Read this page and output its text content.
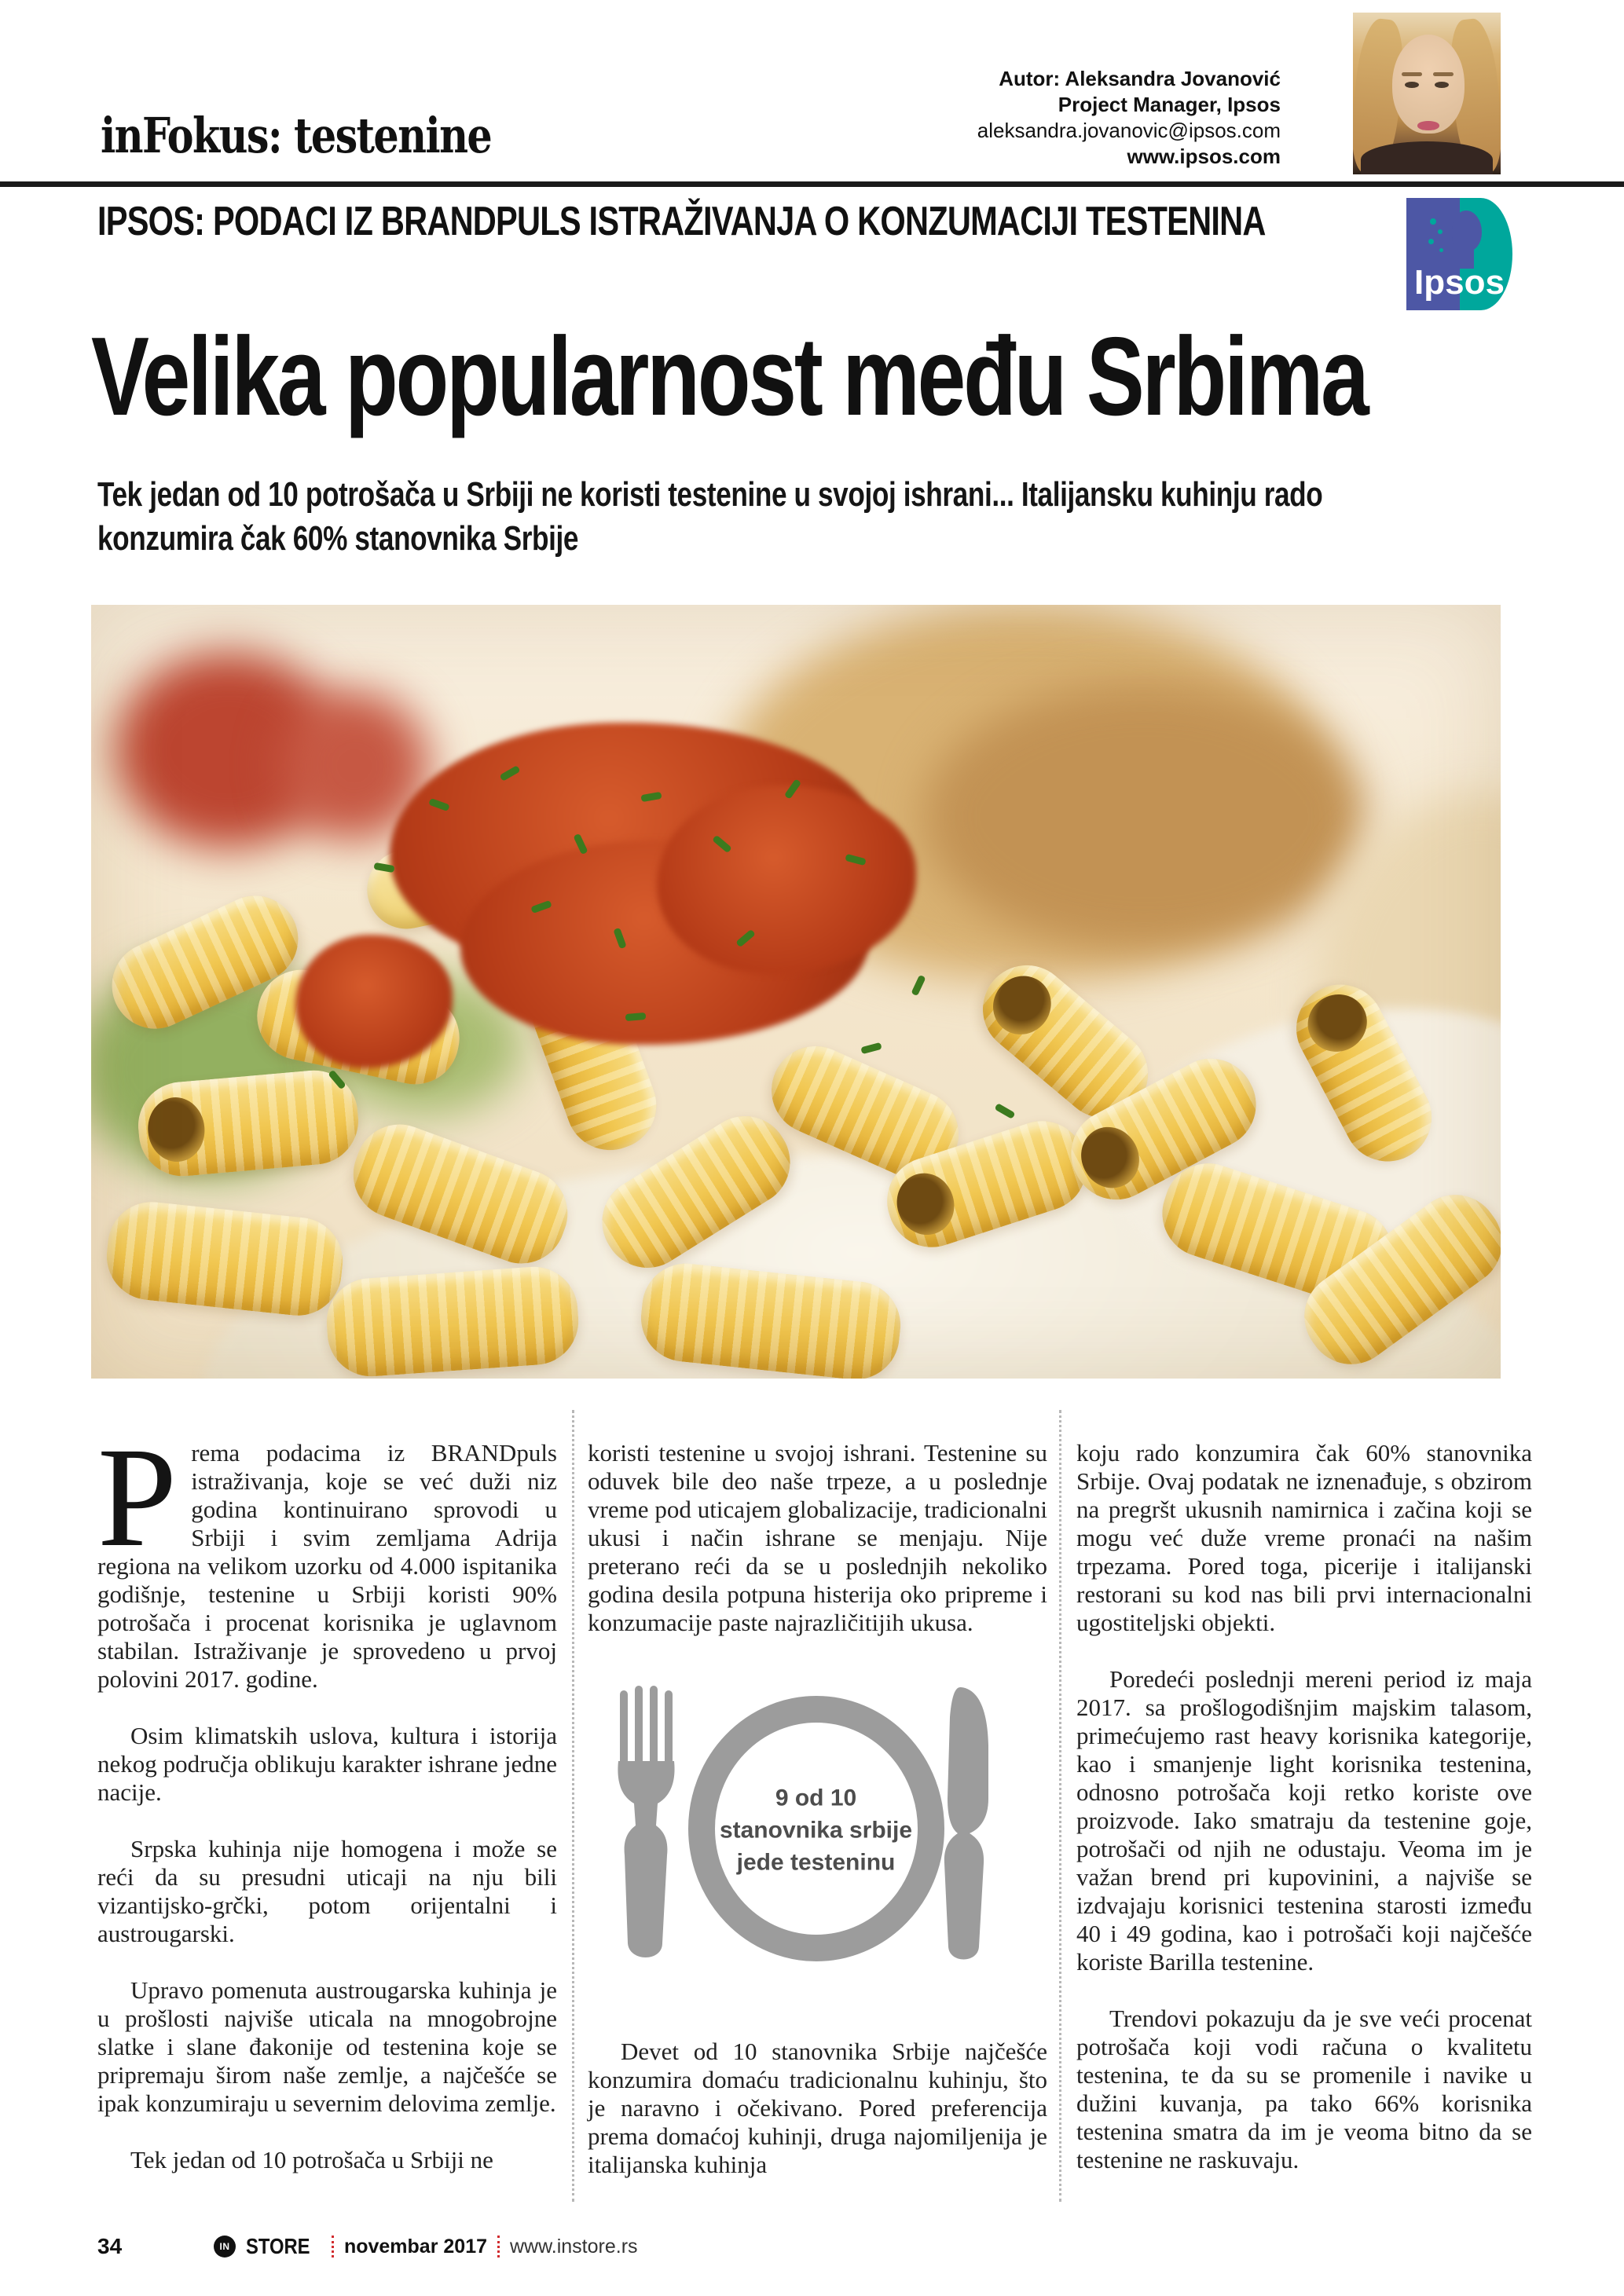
inFokus: testenine
Autor: Aleksandra Jovanović
Project Manager, Ipsos
aleksandra.jovanovic@ipsos.com
www.ipsos.com
IPSOS: PODACI IZ BRANDPULS ISTRAŽIVANJA O KONZUMACIJI TESTENINA
Ipsos
Velika popularnost među Srbima
Tek jedan od 10 potrošača u Srbiji ne koristi testenine u svojoj ishrani... Italijansku kuhinju rado
konzumira čak 60% stanovnika Srbije

Prema podacima iz BRANDpuls istraživanja, koje se već duži niz godina kontinuirano sprovodi u Srbiji i svim zemljama Adrija regiona na velikom uzorku od 4.000 ispitanika godišnje, testenine u Srbiji koristi 90% potrošača i procenat korisnika je uglavnom stabilan. Istraživanje je sprovedeno u prvoj polovini 2017. godine.

Osim klimatskih uslova, kultura i istorija nekog područja oblikuju karakter ishrane jedne nacije.

Srpska kuhinja nije homogena i može se reći da su presudni uticaji na nju bili vizantijsko-grčki, potom orijentalni i austrougarski.

Upravo pomenuta austrougarska kuhinja je u prošlosti najviše uticala na mnogobrojne slatke i slane đakonije od testenina koje se pripremaju širom naše zemlje, a najčešće se ipak konzumiraju u severnim delovima zemlje.

Tek jedan od 10 potrošača u Srbiji ne

koristi testenine u svojoj ishrani. Testenine su oduvek bile deo naše trpeze, a u poslednje vreme pod uticajem globalizacije, tradicionalni ukusi i način ishrane se menjaju. Nije preterano reći da se u poslednjih nekoliko godina desila potpuna histerija oko pripreme i konzumacije paste najrazličitijih ukusa.

9 od 10
stanovnika srbije
jede testeninu

Devet od 10 stanovnika Srbije najčešće konzumira domaću tradicionalnu kuhinju, što je naravno i očekivano. Pored preferencija prema domaćoj kuhinji, druga najomiljenija je italijanska kuhinja

koju rado konzumira čak 60% stanovnika Srbije. Ovaj podatak ne iznenađuje, s obzirom na pregršt ukusnih namirnica i začina koji se mogu već duže vreme pronaći na našim trpezama. Pored toga, picerije i italijanski restorani su kod nas bili prvi internacionalni ugostiteljski objekti.

Poredeći poslednji mereni period iz maja 2017. sa prošlogodišnjim majskim talasom, primećujemo rast heavy korisnika kategorije, kao i smanjenje light korisnika testenina, odnosno potrošača koji retko koriste ove proizvode. Iako smatraju da testenine goje, potrošači od njih ne odustaju. Veoma im je važan brend pri kupovinini, a najviše se izdvajaju korisnici testenina starosti između 40 i 49 godina, kao i potrošači koji najčešće koriste Barilla testenine.

Trendovi pokazuju da je sve veći procenat potrošača koji vodi računa o kvalitetu testenina, te da su se promenile i navike u dužini kuvanja, pa tako 66% korisnika testenina smatra da im je veoma bitno da se testenine ne raskuvaju.

34	IN STORE novembar 2017 www.instore.rs
